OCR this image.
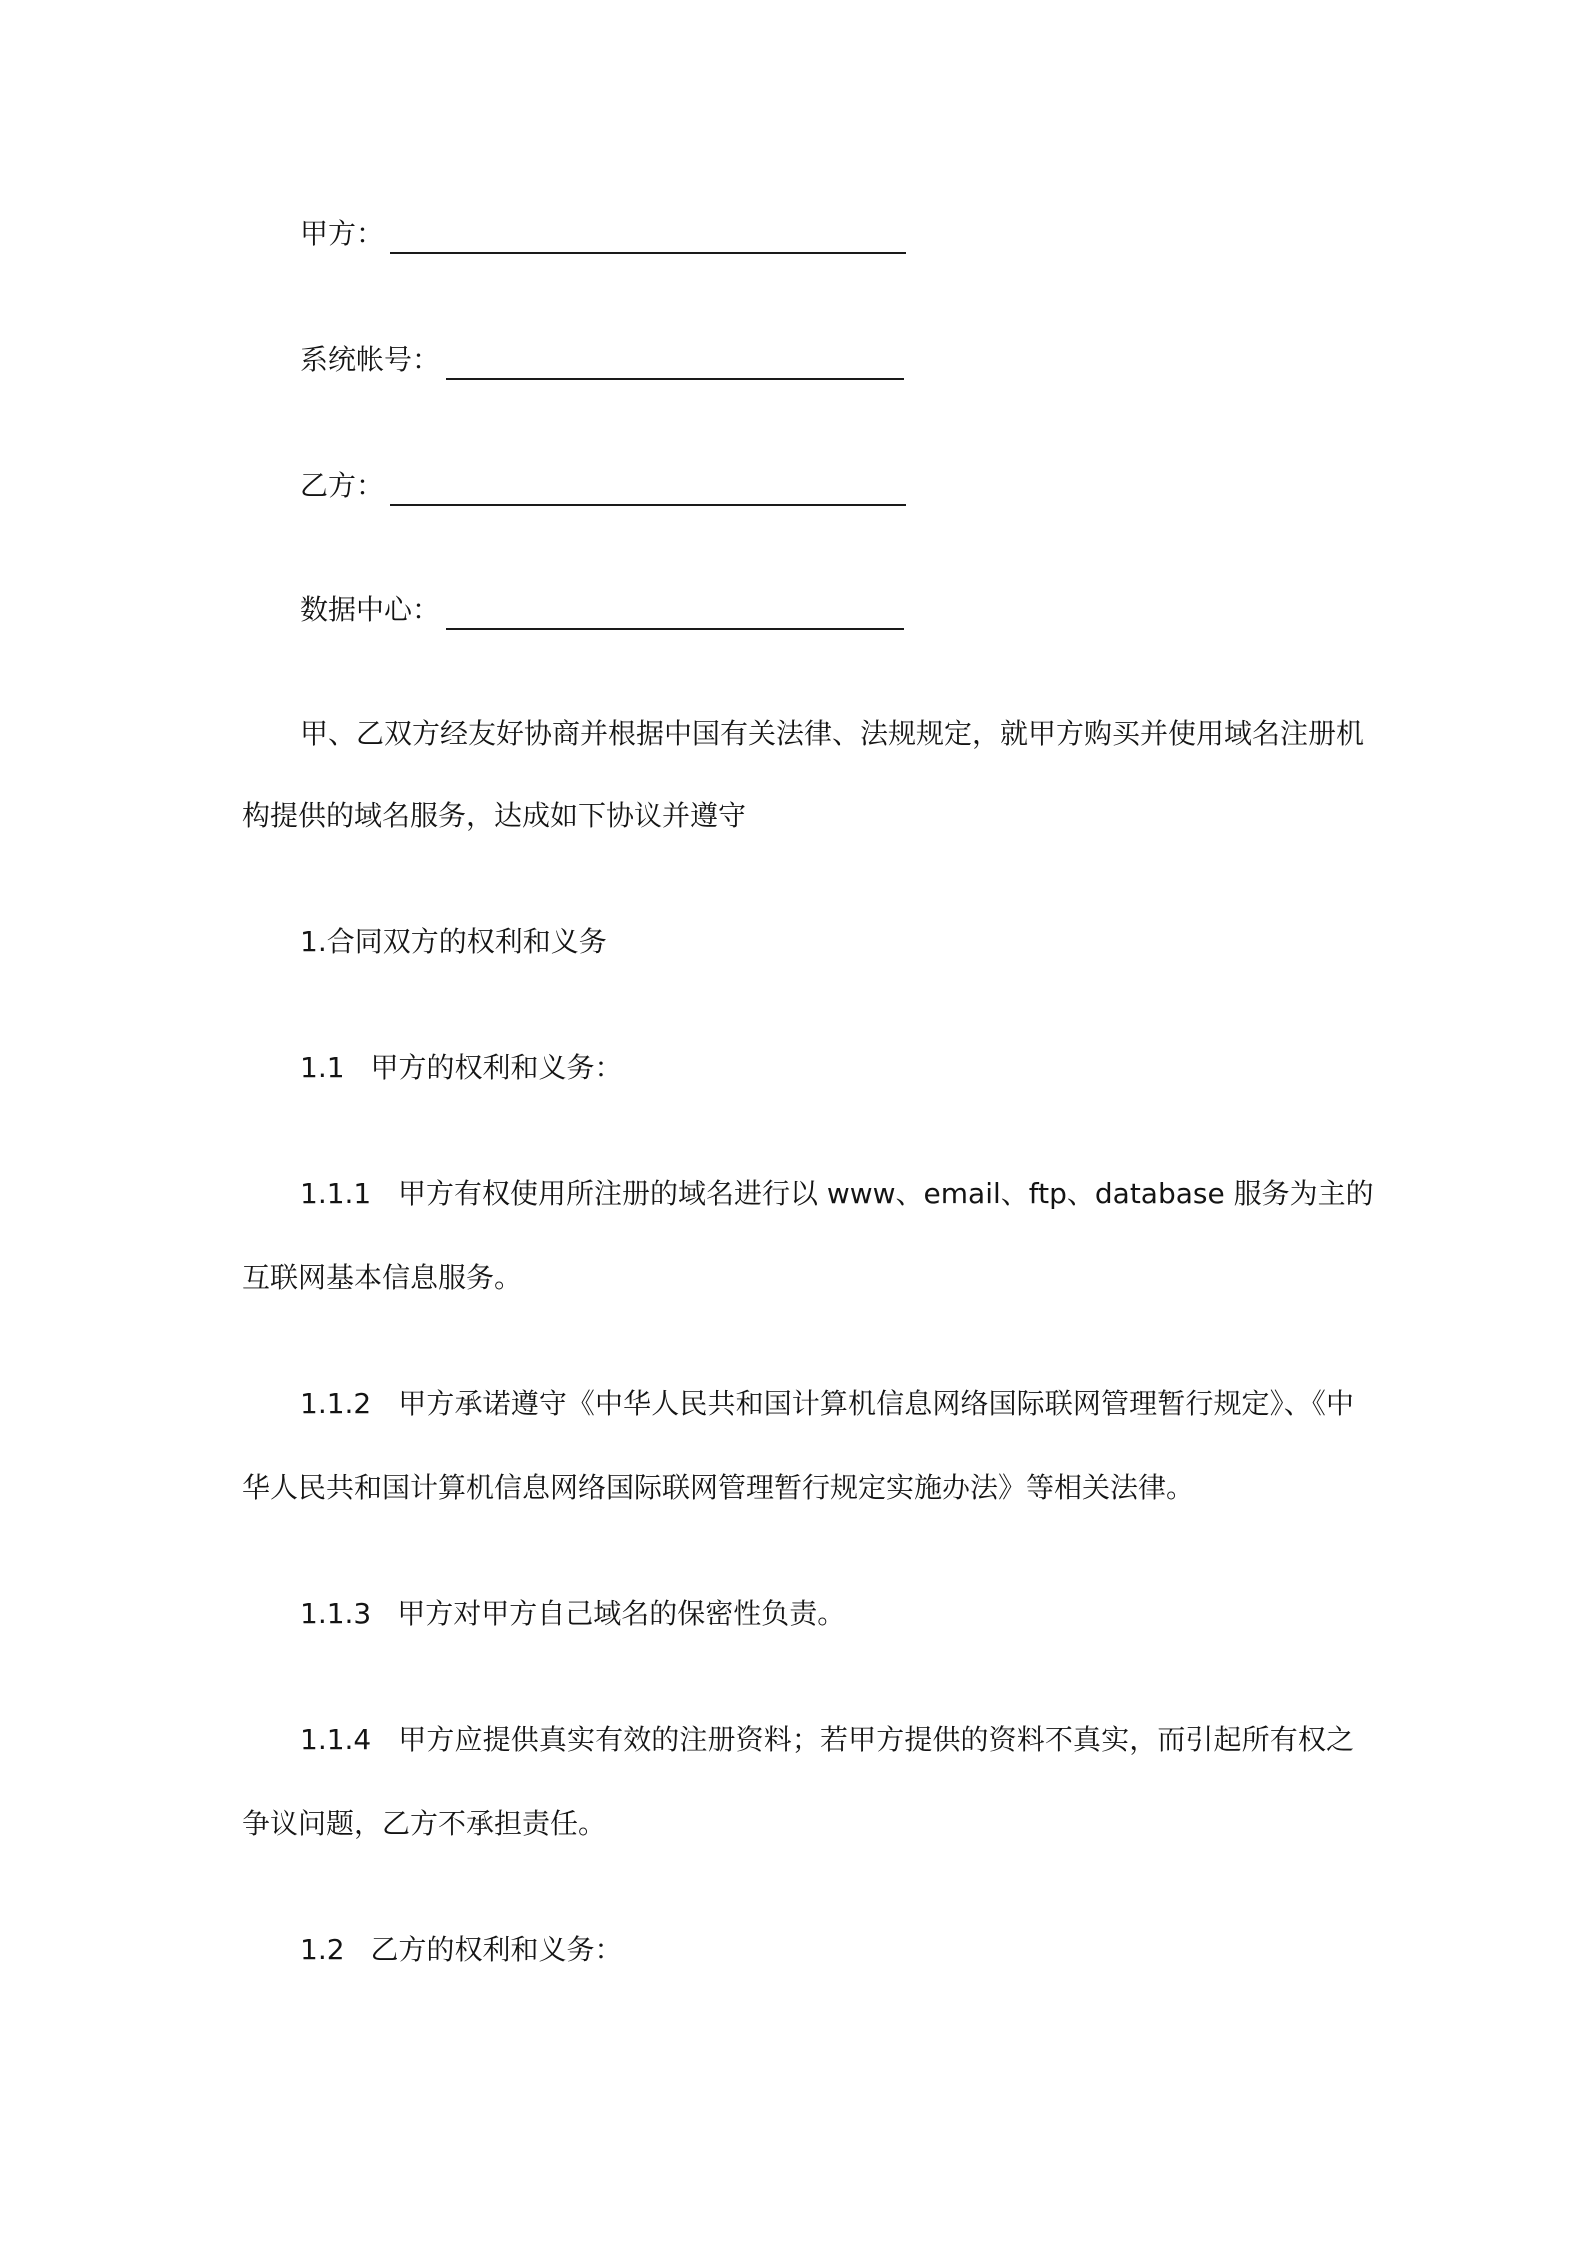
甲方：
系统帐号：
乙方：
数据中心：
甲、乙双方经友好协商并根据中国有关法律、法规规定，就甲方购买并使用域名注册机
构提供的域名服务，达成如下协议并遵守
1.合同双方的权利和义务
1.1 甲方的权利和义务：
1.1.1 甲方有权使用所注册的域名进行以 www、email、ftp、database 服务为主的
互联网基本信息服务。
1.1.2 甲方承诺遵守《中华人民共和国计算机信息网络国际联网管理暂行规定》、《中
华人民共和国计算机信息网络国际联网管理暂行规定实施办法》等相关法律。
1.1.3 甲方对甲方自己域名的保密性负责。
1.1.4 甲方应提供真实有效的注册资料；若甲方提供的资料不真实，而引起所有权之
争议问题，乙方不承担责任。
1.2 乙方的权利和义务：
